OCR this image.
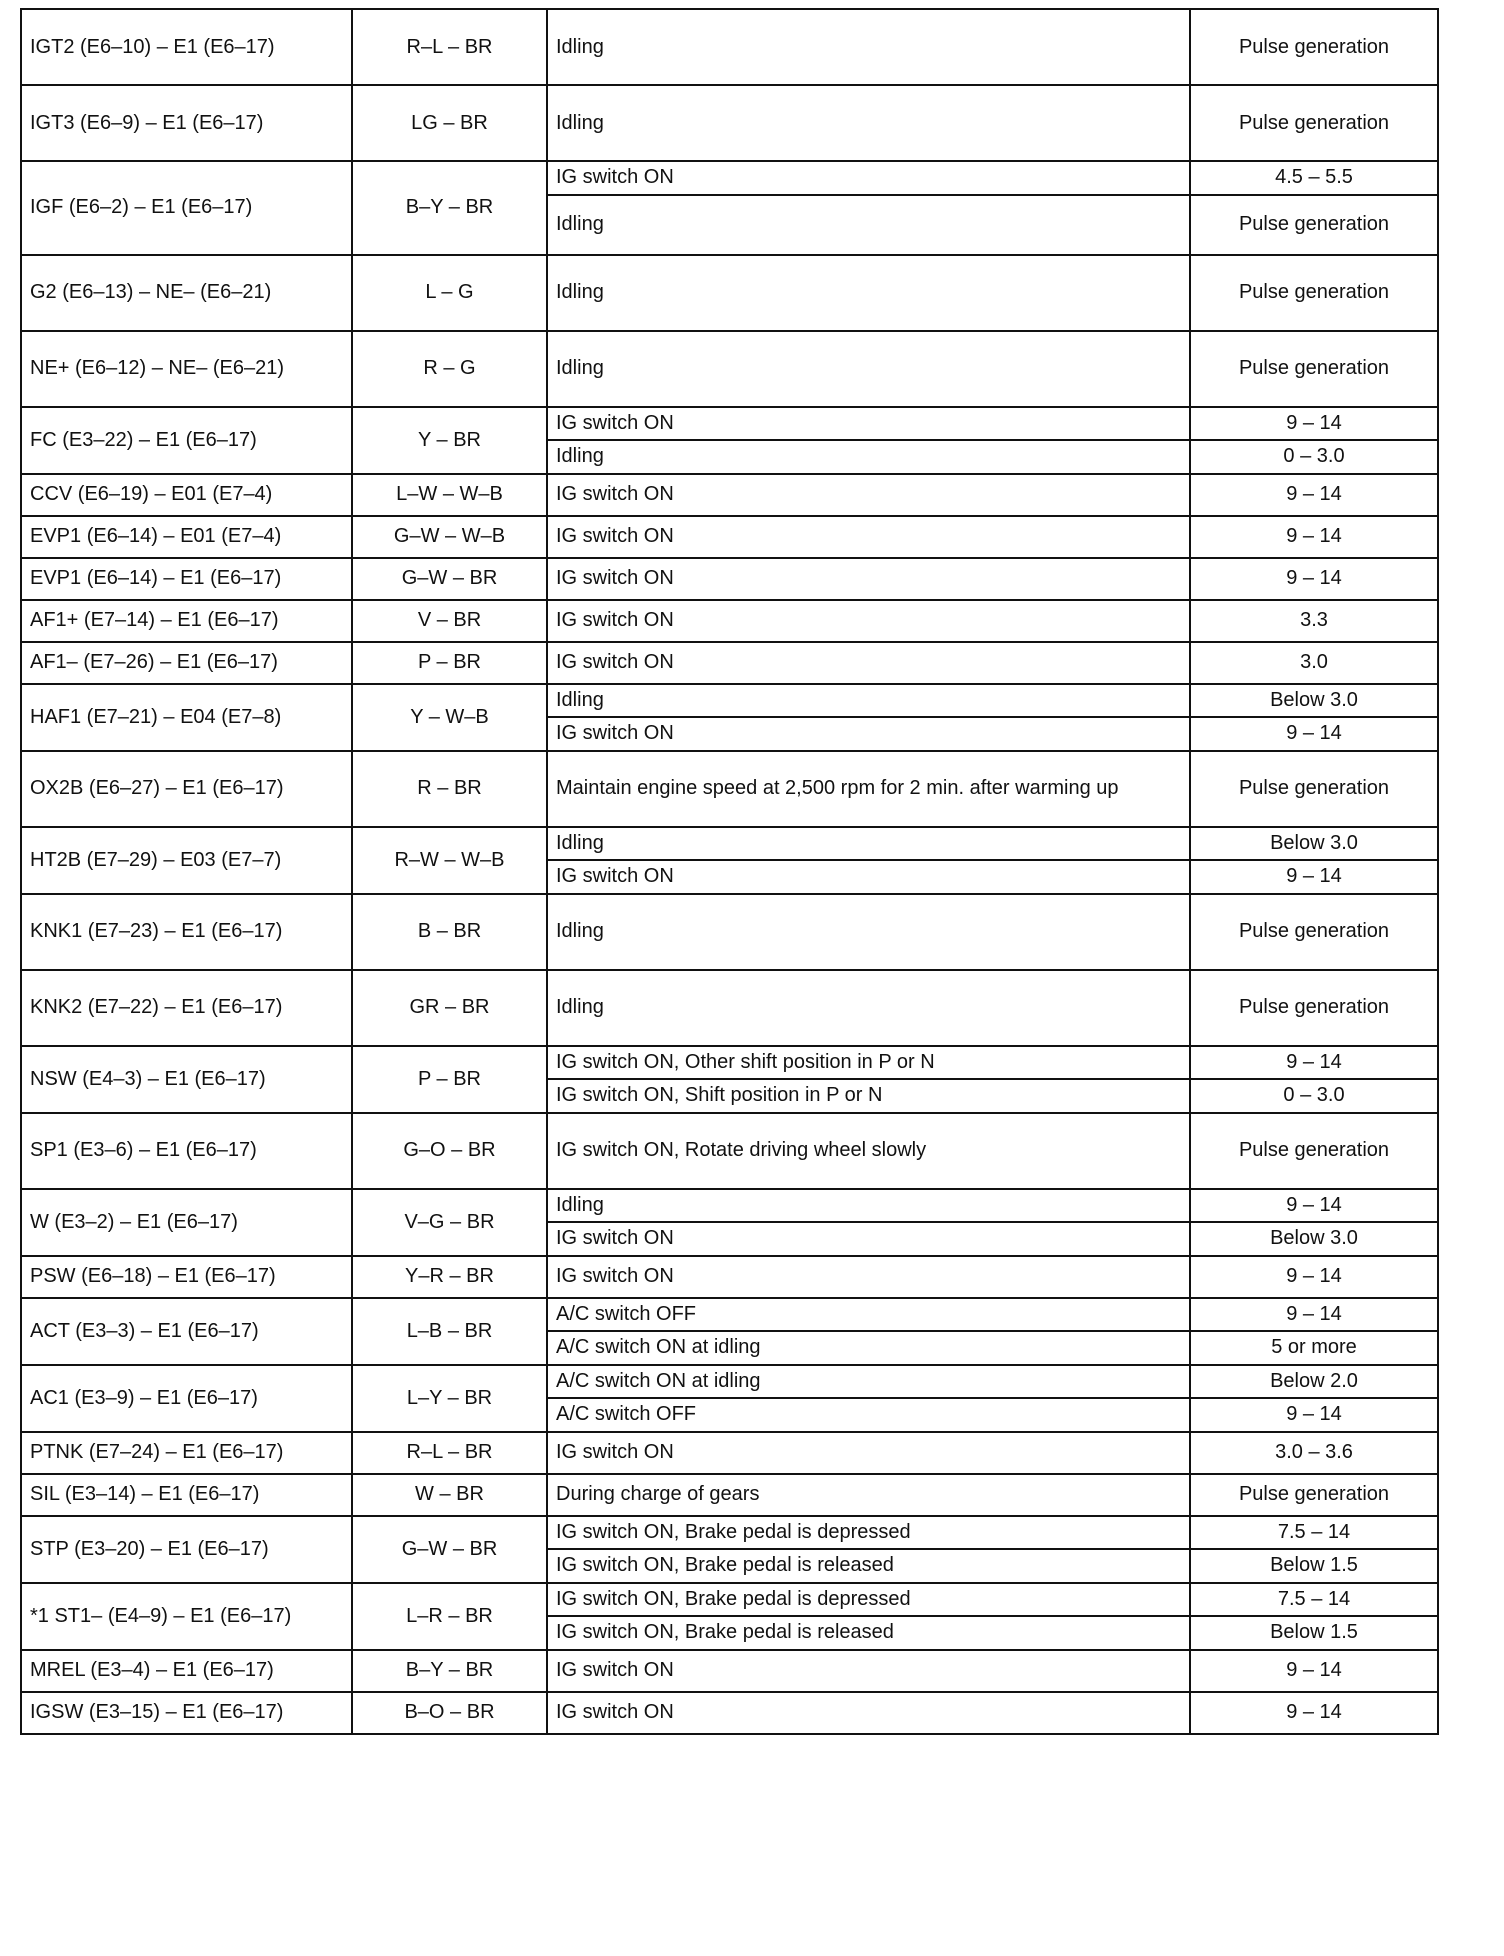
IGT2 (E6–10) – E1 (E6–17)	R–L – BR	Idling	Pulse generation
IGT3 (E6–9) – E1 (E6–17)	LG – BR	Idling	Pulse generation
IGF (E6–2) – E1 (E6–17)	B–Y – BR	IG switch ON	4.5 – 5.5
		Idling	Pulse generation
G2 (E6–13) – NE– (E6–21)	L – G	Idling	Pulse generation
NE+ (E6–12) – NE– (E6–21)	R – G	Idling	Pulse generation
FC (E3–22) – E1 (E6–17)	Y – BR	IG switch ON	9 – 14
		Idling	0 – 3.0
CCV (E6–19) – E01 (E7–4)	L–W – W–B	IG switch ON	9 – 14
EVP1 (E6–14) – E01 (E7–4)	G–W – W–B	IG switch ON	9 – 14
EVP1 (E6–14) – E1 (E6–17)	G–W – BR	IG switch ON	9 – 14
AF1+ (E7–14) – E1 (E6–17)	V – BR	IG switch ON	3.3
AF1– (E7–26) – E1 (E6–17)	P – BR	IG switch ON	3.0
HAF1 (E7–21) – E04 (E7–8)	Y – W–B	Idling	Below 3.0
		IG switch ON	9 – 14
OX2B (E6–27) – E1 (E6–17)	R – BR	Maintain engine speed at 2,500 rpm for 2 min. after warming up	Pulse generation
HT2B (E7–29) – E03 (E7–7)	R–W – W–B	Idling	Below 3.0
		IG switch ON	9 – 14
KNK1 (E7–23) – E1 (E6–17)	B – BR	Idling	Pulse generation
KNK2 (E7–22) – E1 (E6–17)	GR – BR	Idling	Pulse generation
NSW (E4–3) – E1 (E6–17)	P – BR	IG switch ON, Other shift position in P or N	9 – 14
		IG switch ON, Shift position in P or N	0 – 3.0
SP1 (E3–6) – E1 (E6–17)	G–O – BR	IG switch ON, Rotate driving wheel slowly	Pulse generation
W (E3–2) – E1 (E6–17)	V–G – BR	Idling	9 – 14
		IG switch ON	Below 3.0
PSW (E6–18) – E1 (E6–17)	Y–R – BR	IG switch ON	9 – 14
ACT (E3–3) – E1 (E6–17)	L–B – BR	A/C switch OFF	9 – 14
		A/C switch ON at idling	5 or more
AC1 (E3–9) – E1 (E6–17)	L–Y – BR	A/C switch ON at idling	Below 2.0
		A/C switch OFF	9 – 14
PTNK (E7–24) – E1 (E6–17)	R–L – BR	IG switch ON	3.0 – 3.6
SIL (E3–14) – E1 (E6–17)	W – BR	During charge of gears	Pulse generation
STP (E3–20) – E1 (E6–17)	G–W – BR	IG switch ON, Brake pedal is depressed	7.5 – 14
		IG switch ON, Brake pedal is released	Below 1.5
*1 ST1– (E4–9) – E1 (E6–17)	L–R – BR	IG switch ON, Brake pedal is depressed	7.5 – 14
		IG switch ON, Brake pedal is released	Below 1.5
MREL (E3–4) – E1 (E6–17)	B–Y – BR	IG switch ON	9 – 14
IGSW (E3–15) – E1 (E6–17)	B–O – BR	IG switch ON	9 – 14
